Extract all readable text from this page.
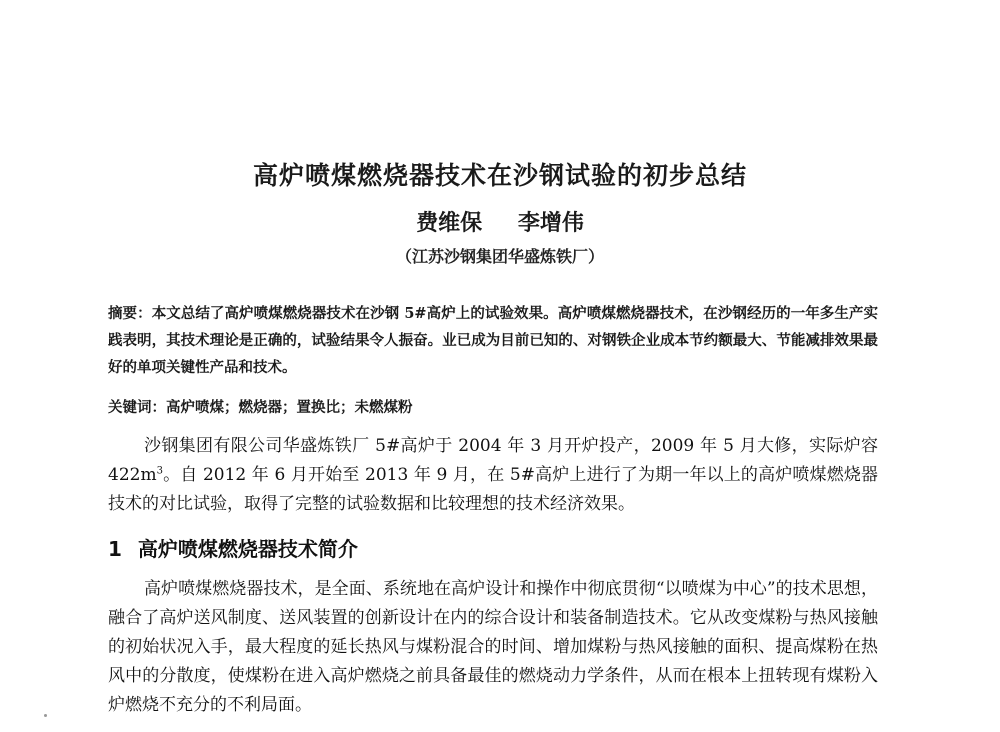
高炉喷煤燃烧器技术在沙钢试验的初步总结
费维保 李增伟
（江苏沙钢集团华盛炼铁厂）

摘要：本文总结了高炉喷煤燃烧器技术在沙钢 5#高炉上的试验效果。高炉喷煤燃烧器技术，在沙钢经历的一年多生产实践表明，其技术理论是正确的，试验结果令人振奋。业已成为目前已知的、对钢铁企业成本节约额最大、节能减排效果最好的单项关键性产品和技术。

关键词：高炉喷煤；燃烧器；置换比；未燃煤粉

沙钢集团有限公司华盛炼铁厂 5#高炉于 2004 年 3 月开炉投产，2009 年 5 月大修，实际炉容 $422m^3$。自 2012 年 6 月开始至 2013 年 9 月，在 5#高炉上进行了为期一年以上的高炉喷煤燃烧器技术的对比试验，取得了完整的试验数据和比较理想的技术经济效果。

1 高炉喷煤燃烧器技术简介

高炉喷煤燃烧器技术，是全面、系统地在高炉设计和操作中彻底贯彻“以喷煤为中心”的技术思想，融合了高炉送风制度、送风装置的创新设计在内的综合设计和装备制造技术。它从改变煤粉与热风接触的初始状况入手，最大程度的延长热风与煤粉混合的时间、增加煤粉与热风接触的面积、提高煤粉在热风中的分散度，使煤粉在进入高炉燃烧之前具备最佳的燃烧动力学条件，从而在根本上扭转现有煤粉入炉燃烧不充分的不利局面。
